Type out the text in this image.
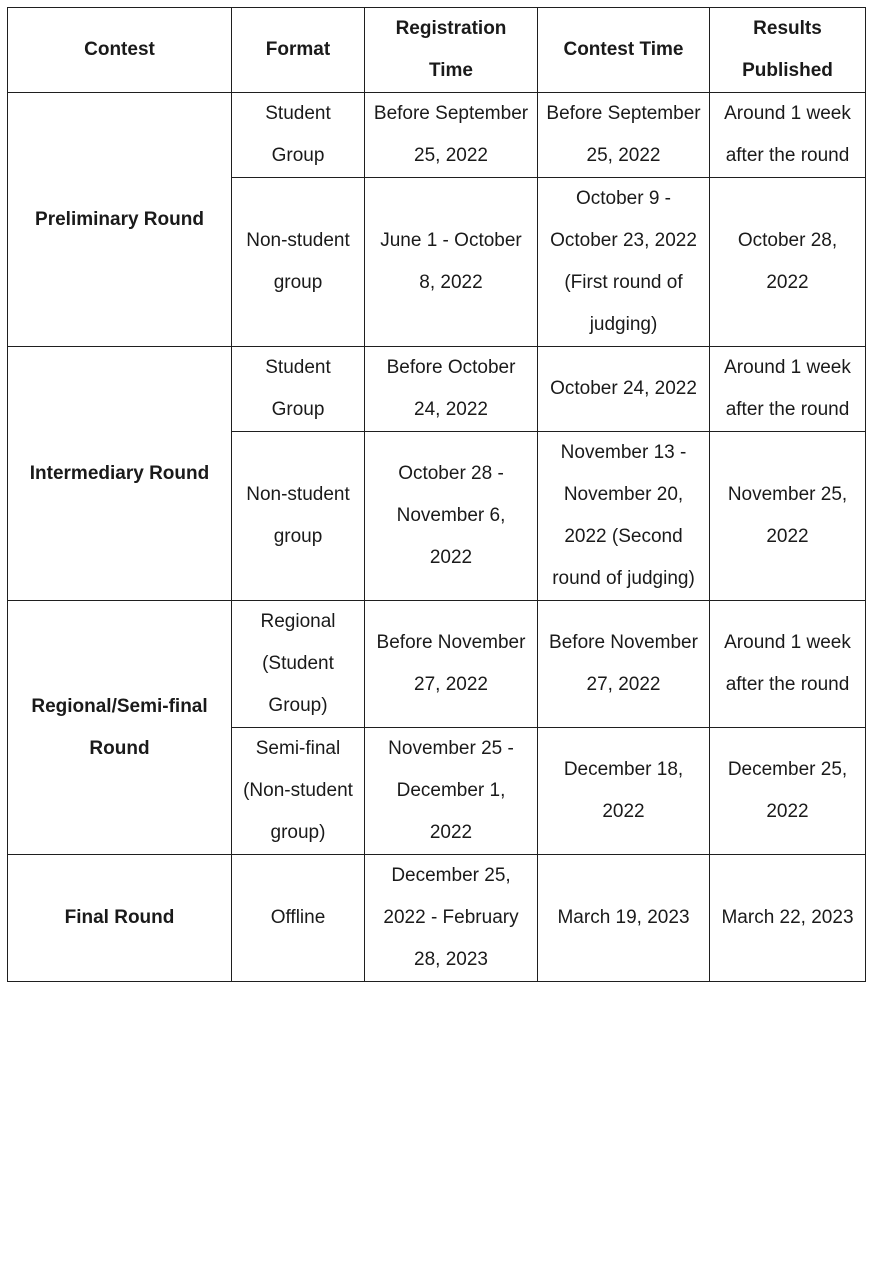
Contest	Format	Registration Time	Contest Time	Results Published
Preliminary Round	Student Group	Before September 25, 2022	Before September 25, 2022	Around 1 week after the round
	Non-student group	June 1 - October 8, 2022	October 9 - October 23, 2022 (First round of judging)	October 28, 2022
Intermediary Round	Student Group	Before October 24, 2022	October 24, 2022	Around 1 week after the round
	Non-student group	October 28 - November 6, 2022	November 13 - November 20, 2022 (Second round of judging)	November 25, 2022
Regional/Semi-final Round	Regional (Student Group)	Before November 27, 2022	Before November 27, 2022	Around 1 week after the round
	Semi-final (Non-student group)	November 25 - December 1, 2022	December 18, 2022	December 25, 2022
Final Round	Offline	December 25, 2022 - February 28, 2023	March 19, 2023	March 22, 2023
